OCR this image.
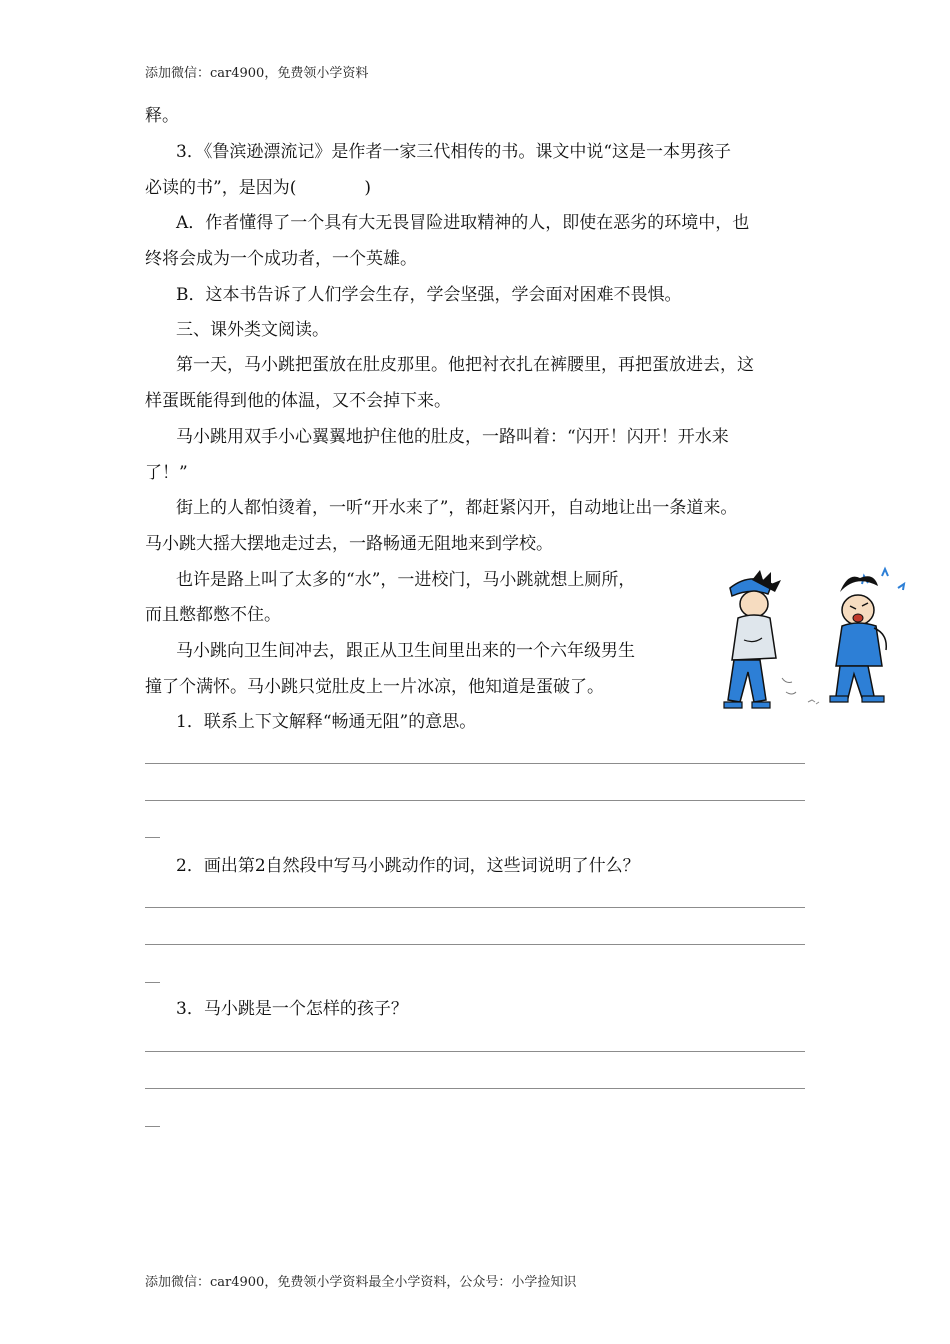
添加微信：car4900，免费领小学资料
释。
3．《鲁滨逊漂流记》是作者一家三代相传的书。课文中说“这是一本男孩子
必读的书”，是因为(　　　　)
A．作者懂得了一个具有大无畏冒险进取精神的人，即使在恶劣的环境中，也
终将会成为一个成功者，一个英雄。
B．这本书告诉了人们学会生存，学会坚强，学会面对困难不畏惧。
三、课外类文阅读。
第一天，马小跳把蛋放在肚皮那里。他把衬衣扎在裤腰里，再把蛋放进去，这
样蛋既能得到他的体温，又不会掉下来。
马小跳用双手小心翼翼地护住他的肚皮，一路叫着：“闪开！闪开！开水来
了！”
街上的人都怕烫着，一听“开水来了”，都赶紧闪开，自动地让出一条道来。
马小跳大摇大摆地走过去，一路畅通无阻地来到学校。
也许是路上叫了太多的“水”，一进校门，马小跳就想上厕所，
而且憋都憋不住。
马小跳向卫生间冲去，跟正从卫生间里出来的一个六年级男生
撞了个满怀。马小跳只觉肚皮上一片冰凉，他知道是蛋破了。
1．联系上下文解释“畅通无阻”的意思。
2．画出第2自然段中写马小跳动作的词，这些词说明了什么？
3．马小跳是一个怎样的孩子？
添加微信：car4900，免费领小学资料最全小学资料，公众号：小学捡知识
